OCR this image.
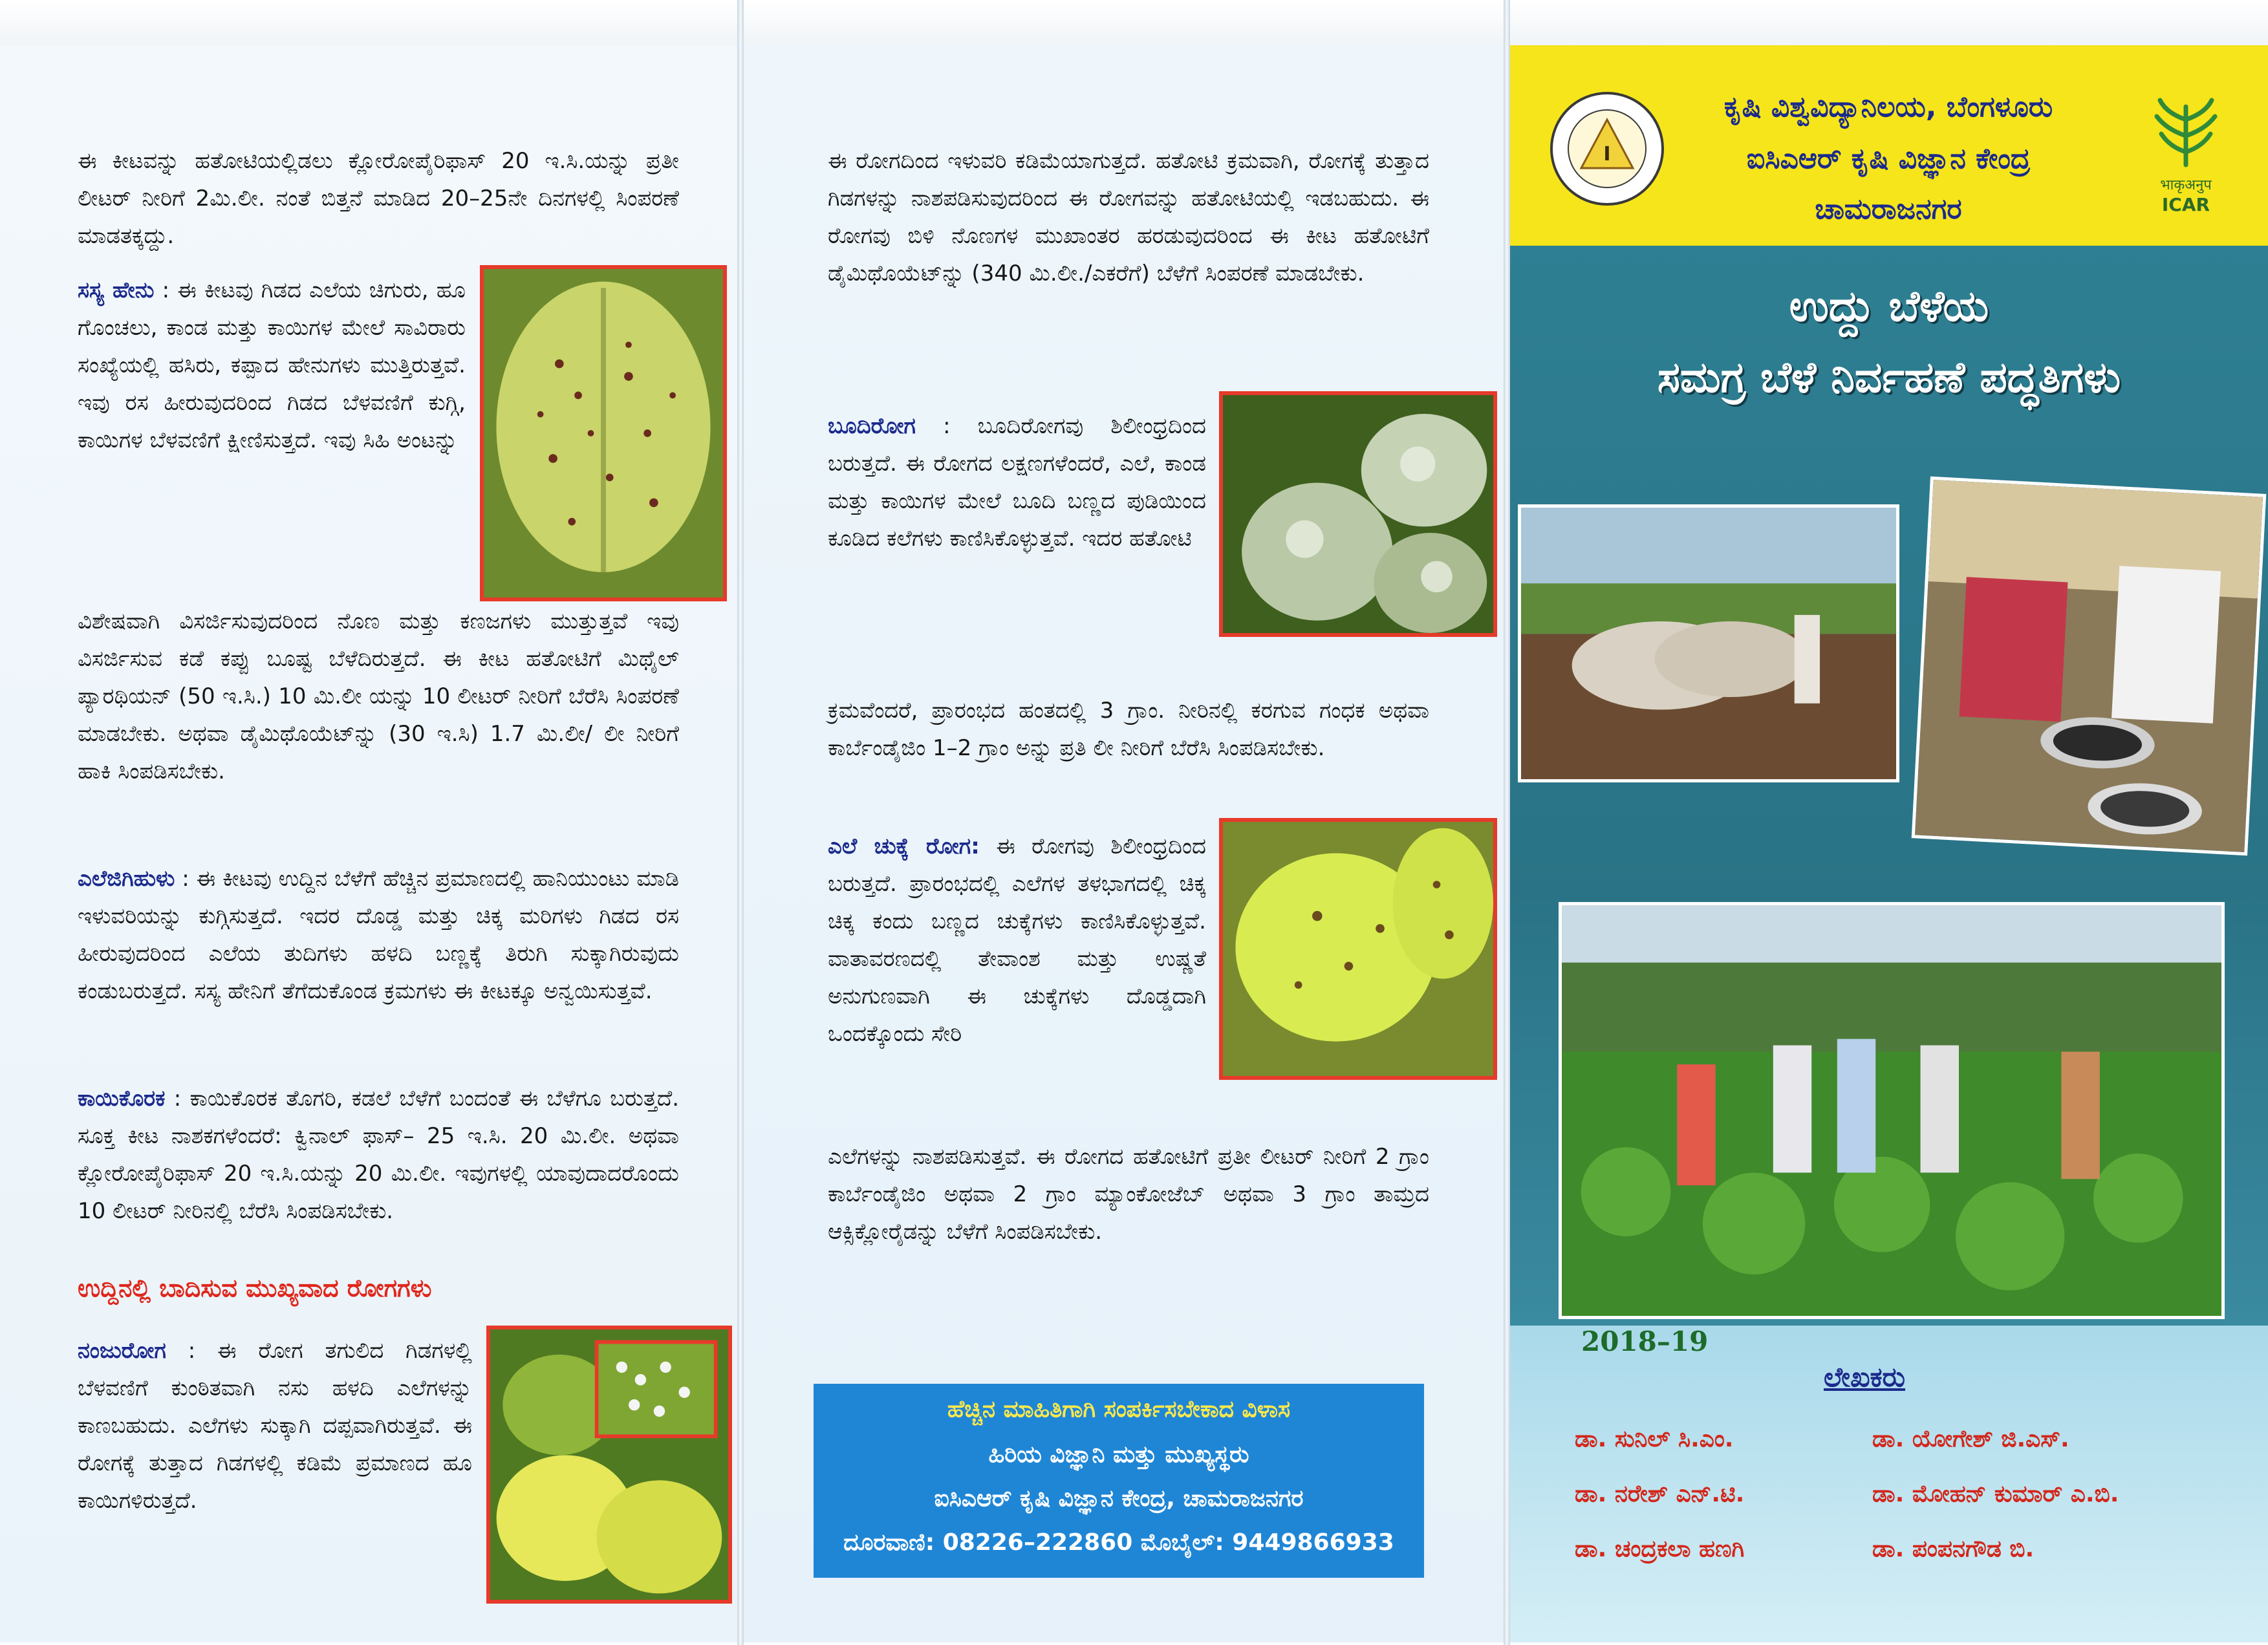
ಈ ಕೀಟವನ್ನು ಹತೋಟಿಯಲ್ಲಿಡಲು ಕ್ಲೋರೋಪೈರಿಫಾಸ್ 20 ಇ.ಸಿ.ಯನ್ನು ಪ್ರತೀ ಲೀಟರ್ ನೀರಿಗೆ 2ಮಿ.ಲೀ. ನಂತೆ ಬಿತ್ತನೆ ಮಾಡಿದ 20–25ನೇ ದಿನಗಳಲ್ಲಿ ಸಿಂಪರಣೆ ಮಾಡತಕ್ಕದ್ದು.

ಸಸ್ಯ ಹೇನು : ಈ ಕೀಟವು ಗಿಡದ ಎಲೆಯ ಚಿಗುರು, ಹೂ ಗೊಂಚಲು, ಕಾಂಡ ಮತ್ತು ಕಾಯಿಗಳ ಮೇಲೆ ಸಾವಿರಾರು ಸಂಖ್ಯೆಯಲ್ಲಿ ಹಸಿರು, ಕಪ್ಪಾದ ಹೇನುಗಳು ಮುತ್ತಿರುತ್ತವೆ. ಇವು ರಸ ಹೀರುವುದರಿಂದ ಗಿಡದ ಬೆಳವಣಿಗೆ ಕುಗ್ಗಿ, ಕಾಯಿಗಳ ಬೆಳವಣಿಗೆ ಕ್ಷೀಣಿಸುತ್ತದೆ. ಇವು ಸಿಹಿ ಅಂಟನ್ನು

ವಿಶೇಷವಾಗಿ ವಿಸರ್ಜಿಸುವುದರಿಂದ ನೊಣ ಮತ್ತು ಕಣಜಗಳು ಮುತ್ತುತ್ತವೆ ಇವು ವಿಸರ್ಜಿಸುವ ಕಡೆ ಕಪ್ಪು ಬೂಷ್ಟ ಬೆಳೆದಿರುತ್ತದೆ. ಈ ಕೀಟ ಹತೋಟಿಗೆ ಮಿಥೈಲ್ ಪ್ಯಾರಥಿಯನ್ (50 ಇ.ಸಿ.) 10 ಮಿ.ಲೀ ಯನ್ನು 10 ಲೀಟರ್ ನೀರಿಗೆ ಬೆರೆಸಿ ಸಿಂಪರಣೆ ಮಾಡಬೇಕು. ಅಥವಾ ಡೈಮಿಥೊಯೆಟ್‌ನ್ನು (30 ಇ.ಸಿ) 1.7 ಮಿ.ಲೀ/ ಲೀ ನೀರಿಗೆ ಹಾಕಿ ಸಿಂಪಡಿಸಬೇಕು.

ಎಲೆಜಿಗಿಹುಳು : ಈ ಕೀಟವು ಉದ್ದಿನ ಬೆಳೆಗೆ ಹೆಚ್ಚಿನ ಪ್ರಮಾಣದಲ್ಲಿ ಹಾನಿಯುಂಟು ಮಾಡಿ ಇಳುವರಿಯನ್ನು ಕುಗ್ಗಿಸುತ್ತದೆ. ಇದರ ದೊಡ್ಡ ಮತ್ತು ಚಿಕ್ಕ ಮರಿಗಳು ಗಿಡದ ರಸ ಹೀರುವುದರಿಂದ ಎಲೆಯ ತುದಿಗಳು ಹಳದಿ ಬಣ್ಣಕ್ಕೆ ತಿರುಗಿ ಸುಕ್ಕಾಗಿರುವುದು ಕಂಡುಬರುತ್ತದೆ. ಸಸ್ಯ ಹೇನಿಗೆ ತೆಗೆದುಕೊಂಡ ಕ್ರಮಗಳು ಈ ಕೀಟಕ್ಕೂ ಅನ್ವಯಿಸುತ್ತವೆ.

ಕಾಯಿಕೊರಕ : ಕಾಯಿಕೊರಕ ತೊಗರಿ, ಕಡಲೆ ಬೆಳೆಗೆ ಬಂದಂತೆ ಈ ಬೆಳೆಗೂ ಬರುತ್ತದೆ. ಸೂಕ್ತ ಕೀಟ ನಾಶಕಗಳೆಂದರೆ: ಕ್ವಿನಾಲ್ ಫಾಸ್– 25 ಇ.ಸಿ. 20 ಮಿ.ಲೀ. ಅಥವಾ ಕ್ಲೋರೋಪೈರಿಫಾಸ್ 20 ಇ.ಸಿ.ಯನ್ನು 20 ಮಿ.ಲೀ. ಇವುಗಳಲ್ಲಿ ಯಾವುದಾದರೊಂದು 10 ಲೀಟರ್ ನೀರಿನಲ್ಲಿ ಬೆರೆಸಿ ಸಿಂಪಡಿಸಬೇಕು.

ಉದ್ದಿನಲ್ಲಿ ಬಾದಿಸುವ ಮುಖ್ಯವಾದ ರೋಗಗಳು

ನಂಜುರೋಗ : ಈ ರೋಗ ತಗುಲಿದ ಗಿಡಗಳಲ್ಲಿ ಬೆಳವಣಿಗೆ ಕುಂಠಿತವಾಗಿ ನಸು ಹಳದಿ ಎಲೆಗಳನ್ನು ಕಾಣಬಹುದು. ಎಲೆಗಳು ಸುಕ್ಕಾಗಿ ದಪ್ಪವಾಗಿರುತ್ತವೆ. ಈ ರೋಗಕ್ಕೆ ತುತ್ತಾದ ಗಿಡಗಳಲ್ಲಿ ಕಡಿಮೆ ಪ್ರಮಾಣದ ಹೂ ಕಾಯಿಗಳಿರುತ್ತದೆ.

ಈ ರೋಗದಿಂದ ಇಳುವರಿ ಕಡಿಮೆಯಾಗುತ್ತದೆ. ಹತೋಟಿ ಕ್ರಮವಾಗಿ, ರೋಗಕ್ಕೆ ತುತ್ತಾದ ಗಿಡಗಳನ್ನು ನಾಶಪಡಿಸುವುದರಿಂದ ಈ ರೋಗವನ್ನು ಹತೋಟಿಯಲ್ಲಿ ಇಡಬಹುದು. ಈ ರೋಗವು ಬಿಳಿ ನೊಣಗಳ ಮುಖಾಂತರ ಹರಡುವುದರಿಂದ ಈ ಕೀಟ ಹತೋಟಿಗೆ ಡೈಮಿಥೊಯೆಟ್‌ನ್ನು (340 ಮಿ.ಲೀ./ಎಕರೆಗೆ) ಬೆಳೆಗೆ ಸಿಂಪರಣೆ ಮಾಡಬೇಕು.

ಬೂದಿರೋಗ : ಬೂದಿರೋಗವು ಶಿಲೀಂಧ್ರದಿಂದ ಬರುತ್ತದೆ. ಈ ರೋಗದ ಲಕ್ಷಣಗಳೆಂದರೆ, ಎಲೆ, ಕಾಂಡ ಮತ್ತು ಕಾಯಿಗಳ ಮೇಲೆ ಬೂದಿ ಬಣ್ಣದ ಪುಡಿಯಿಂದ ಕೂಡಿದ ಕಲೆಗಳು ಕಾಣಿಸಿಕೊಳ್ಳುತ್ತವೆ. ಇದರ ಹತೋಟಿ

ಕ್ರಮವೆಂದರೆ, ಪ್ರಾರಂಭದ ಹಂತದಲ್ಲಿ 3 ಗ್ರಾಂ. ನೀರಿನಲ್ಲಿ ಕರಗುವ ಗಂಧಕ ಅಥವಾ ಕಾರ್ಬೆಂಡೈಜಿಂ 1–2 ಗ್ರಾಂ ಅನ್ನು ಪ್ರತಿ ಲೀ ನೀರಿಗೆ ಬೆರೆಸಿ ಸಿಂಪಡಿಸಬೇಕು.

ಎಲೆ ಚುಕ್ಕೆ ರೋಗ: ಈ ರೋಗವು ಶಿಲೀಂಧ್ರದಿಂದ ಬರುತ್ತದೆ. ಪ್ರಾರಂಭದಲ್ಲಿ ಎಲೆಗಳ ತಳಭಾಗದಲ್ಲಿ ಚಿಕ್ಕ ಚಿಕ್ಕ ಕಂದು ಬಣ್ಣದ ಚುಕ್ಕೆಗಳು ಕಾಣಿಸಿಕೊಳ್ಳುತ್ತವೆ. ವಾತಾವರಣದಲ್ಲಿ ತೇವಾಂಶ ಮತ್ತು ಉಷ್ಣತೆ ಅನುಗುಣವಾಗಿ ಈ ಚುಕ್ಕೆಗಳು ದೊಡ್ಡದಾಗಿ ಒಂದಕ್ಕೊಂದು ಸೇರಿ

ಎಲೆಗಳನ್ನು ನಾಶಪಡಿಸುತ್ತವೆ. ಈ ರೋಗದ ಹತೋಟಿಗೆ ಪ್ರತೀ ಲೀಟರ್ ನೀರಿಗೆ 2 ಗ್ರಾಂ ಕಾರ್ಬೆಂಡೈಜಿಂ ಅಥವಾ 2 ಗ್ರಾಂ ಮ್ಯಾಂಕೋಜೆಬ್ ಅಥವಾ 3 ಗ್ರಾಂ ತಾಮ್ರದ ಆಕ್ಸಿಕ್ಲೋರೈಡನ್ನು ಬೆಳೆಗೆ ಸಿಂಪಡಿಸಬೇಕು.

ಹೆಚ್ಚಿನ ಮಾಹಿತಿಗಾಗಿ ಸಂಪರ್ಕಿಸಬೇಕಾದ ವಿಳಾಸ
ಹಿರಿಯ ವಿಜ್ಞಾನಿ ಮತ್ತು ಮುಖ್ಯಸ್ಥರು
ಐಸಿಎಆರ್ ಕೃಷಿ ವಿಜ್ಞಾನ ಕೇಂದ್ರ, ಚಾಮರಾಜನಗರ
ದೂರವಾಣಿ: 08226–222860 ಮೊಬೈಲ್: 9449866933
I
ಕೃಷಿ ವಿಶ್ವವಿದ್ಯಾನಿಲಯ, ಬೆಂಗಳೂರು
ಐಸಿಎಆರ್ ಕೃಷಿ ವಿಜ್ಞಾನ ಕೇಂದ್ರ
ಚಾಮರಾಜನಗರ
भाकृअनुप
ICAR
ಉದ್ದು ಬೆಳೆಯ
ಸಮಗ್ರ ಬೆಳೆ ನಿರ್ವಹಣೆ ಪದ್ಧತಿಗಳು
2018–19
ಲೇಖಕರು
ಡಾ. ಸುನಿಲ್ ಸಿ.ಎಂ.	ಡಾ. ಯೋಗೇಶ್ ಜಿ.ಎಸ್.
ಡಾ. ನರೇಶ್ ಎನ್.ಟಿ.	ಡಾ. ಮೋಹನ್ ಕುಮಾರ್ ಎ.ಬಿ.
ಡಾ. ಚಂದ್ರಕಲಾ ಹಣಗಿ	ಡಾ. ಪಂಪನಗೌಡ ಬಿ.
